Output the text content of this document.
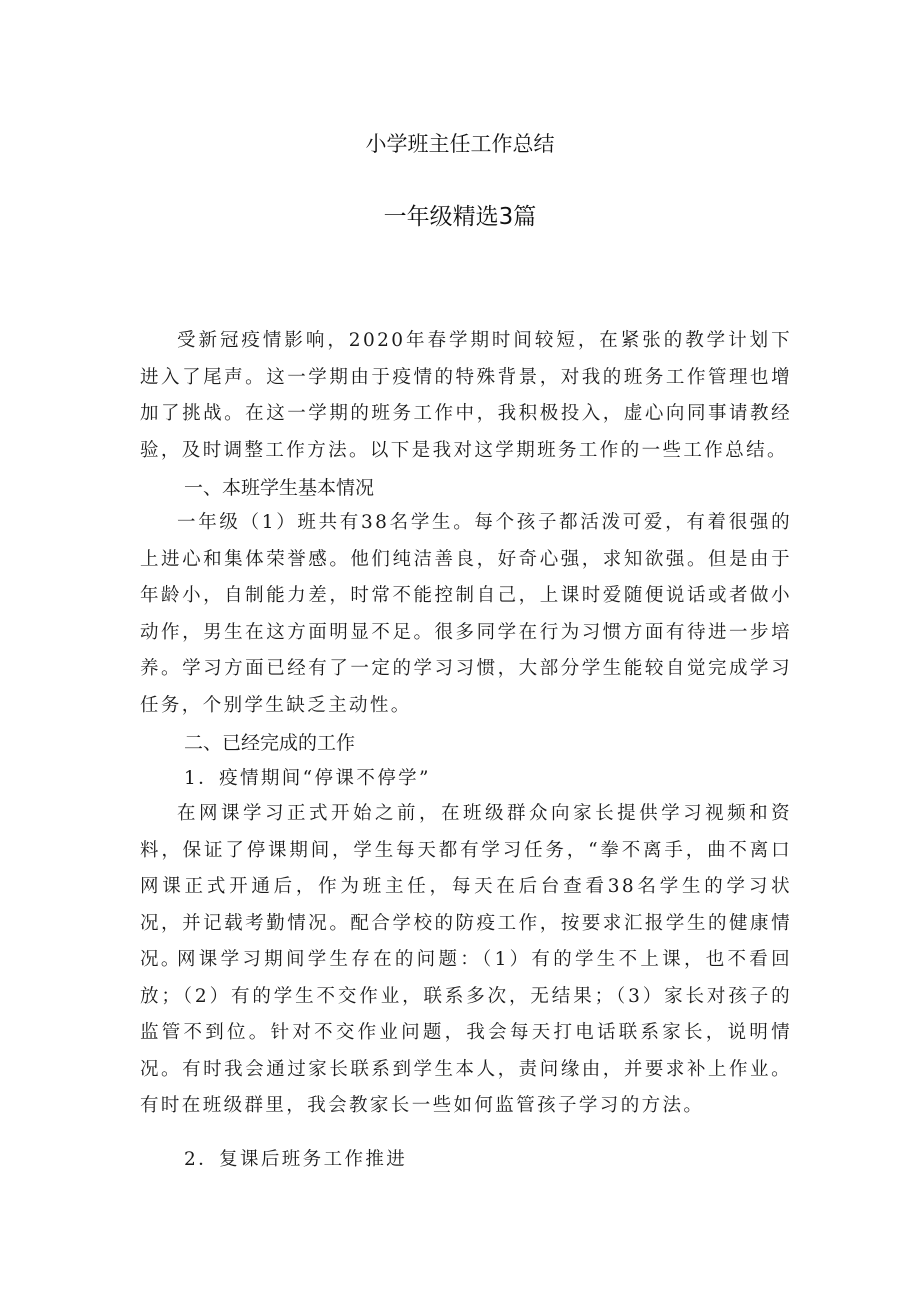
小学班主任工作总结
一年级精选3篇

受新冠疫情影响，2020年春学期时间较短，在紧张的教学计划下进入了尾声。这一学期由于疫情的特殊背景，对我的班务工作管理也增加了挑战。在这一学期的班务工作中，我积极投入，虚心向同事请教经验，及时调整工作方法。以下是我对这学期班务工作的一些工作总结。

一、本班学生基本情况

一年级（1）班共有38名学生。每个孩子都活泼可爱，有着很强的上进心和集体荣誉感。他们纯洁善良，好奇心强，求知欲强。但是由于年龄小，自制能力差，时常不能控制自己，上课时爱随便说话或者做小动作，男生在这方面明显不足。很多同学在行为习惯方面有待进一步培养。学习方面已经有了一定的学习习惯，大部分学生能较自觉完成学习任务，个别学生缺乏主动性。

二、已经完成的工作

1．疫情期间“停课不停学”

在网课学习正式开始之前，在班级群众向家长提供学习视频和资料，保证了停课期间，学生每天都有学习任务，“拳不离手，曲不离口网课正式开通后，作为班主任，每天在后台查看38名学生的学习状况，并记载考勤情况。配合学校的防疫工作，按要求汇报学生的健康情况。

网课学习期间学生存在的问题：（1）有的学生不上课，也不看回放；（2）有的学生不交作业，联系多次，无结果；（3）家长对孩子的监管不到位。针对不交作业问题，我会每天打电话联系家长，说明情况。有时我会通过家长联系到学生本人，责问缘由，并要求补上作业。有时在班级群里，我会教家长一些如何监管孩子学习的方法。

2．复课后班务工作推进
